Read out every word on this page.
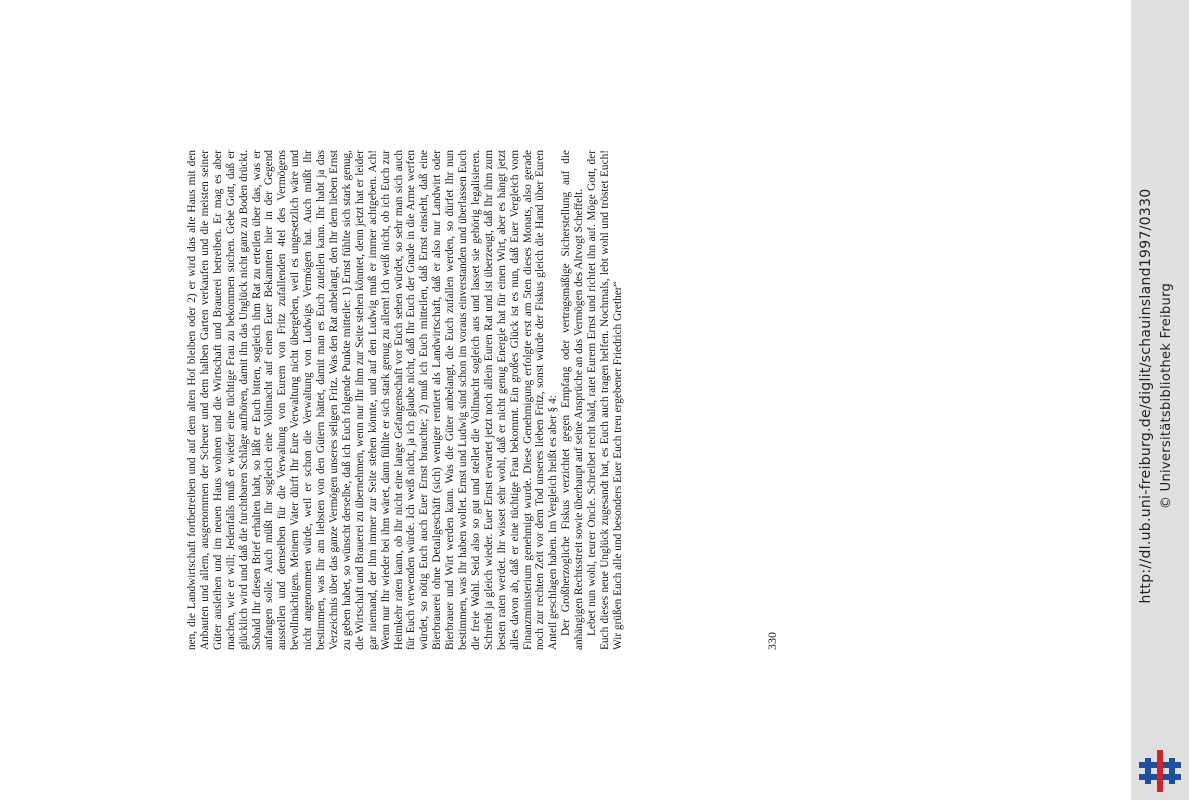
nen, die Landwirtschaft fortbetreiben und auf dem alten Hof bleiben oder 2) er wird das alte Haus mit den Anbauten und allem, ausgenommen der Scheuer und dem halben Garten verkaufen und die meisten seiner Güter ausleihen und im neuen Haus wohnen und die Wirtschaft und Brauerei betreiben. Er mag es aber machen, wie er will; Jedenfalls muß er wieder eine tüchtige Frau zu bekommen suchen. Gebe Gott, daß er glücklich wird und daß die furchtbaren Schläge aufhören, damit ihn das Unglück nicht ganz zu Boden drückt. Sobald Ihr diesen Brief erhalten habt, so läßt er Euch bitten, sogleich ihm Rat zu erteilen über das, was er anfangen solle. Auch müßt Ihr sogleich eine Vollmacht auf einen Euer Bekannten hier in der Gegend ausstellen und demselben für die Verwaltung von Eurem von Fritz zufallenden 4tel des Vermögens bevollmächtigen. Meinem Vater dürft Ihr Eure Verwaltung nicht übergeben, weil es ungesetzlich wäre und nicht angenommen würde, weil er schon die Verwaltung von Ludwigs Vermögen hat. Auch müßt Ihr bestimmen, was Ihr am liebsten von den Gütern hättet, damit man es Euch zuteilen kann. Ihr habt ja das Verzeichnis über das ganze Vermögen unseres seligen Fritz. Was den Rat anbelangt, den Ihr dem lieben Ernst zu geben habet, so wünscht derselbe, daß ich Euch folgende Punkte mitteile: 1) Ernst fühlte sich stark genug, die Wirtschaft und Brauerei zu übernehmen, wenn nur Ihr ihm zur Seite stehen könntet, denn jetzt hat er leider gar niemand, der ihm immer zur Seite stehen könnte, und auf den Ludwig muß er immer achtgeben. Ach! Wenn nur Ihr wieder bei ihm wäret, dann fühlte er sich stark genug zu allem! Ich weiß nicht, ob ich Euch zur Heimkehr raten kann, ob Ihr nicht eine lange Gefangenschaft vor Euch sehen würdet, so sehr man sich auch für Euch verwenden würde. Ich weiß nicht, ja ich glaube nicht, daß Ihr Euch der Gnade in die Arme werfen würdet, so nötig Euch auch Euer Ernst brauchte; 2) muß ich Euch mitteilen, daß Ernst einsieht, daß eine Bierbrauerei ohne Detailgeschäft (sich) weniger rentiert als Landwirtschaft, daß er also nur Landwirt oder Bierbrauer und Wirt werden kann. Was die Güter anbelangt, die Euch zufallen werden, so dürfet Ihr nun bestimmen, was Ihr haben wollet. Ernst und Ludwig sind schon im voraus einverstanden und überlassen Euch die freie Wahl. Seid also so gut und stellet die Vollmacht sogleich aus und lasset sie gehörig legalisieren. Schreibt ja gleich wieder. Euer Ernst erwartet jetzt noch allein Euren Rat und ist überzeugt, daß Ihr ihm zum besten raten werdet. Ihr wisset sehr wohl, daß er nicht genug Energie hat für einen Wirt, aber es hängt jetzt alles davon ab, daß er eine tüchtige Frau bekommt. Ein großes Glück ist es nun, daß Euer Vergleich vom Finanzministerium genehmigt wurde. Diese Genehmigung erfolgte erst am 5ten dieses Monats, also gerade noch zur rechten Zeit vor dem Tod unseres lieben Fritz, sonst würde der Fiskus gleich die Hand über Euren Anteil geschlagen haben. Im Vergleich heißt es aber § 4: Der Großherzogliche Fiskus verzichtet gegen Empfang oder vertragsmäßige Sicherstellung auf die anhängigen Rechtsstreit sowie überhaupt auf seine Ansprüche an das Vermögen des Altvogt Scheffelt. Lebet nun wohl, teurer Oncle. Schreibet recht bald, ratet Eurem Ernst und richtet ihn auf. Möge Gott, der Euch dieses neue Unglück zugesandt hat, es Euch auch tragen helfen. Nochmals, lebt wohl und tröstet Euch! Wir grüßen Euch alle und besonders Euer Euch treu ergebener Friedrich Grether“	330
http://dl.ub.uni-freiburg.de/diglit/schauinsland1997/0330 © Universitätsbibliothek Freiburg
